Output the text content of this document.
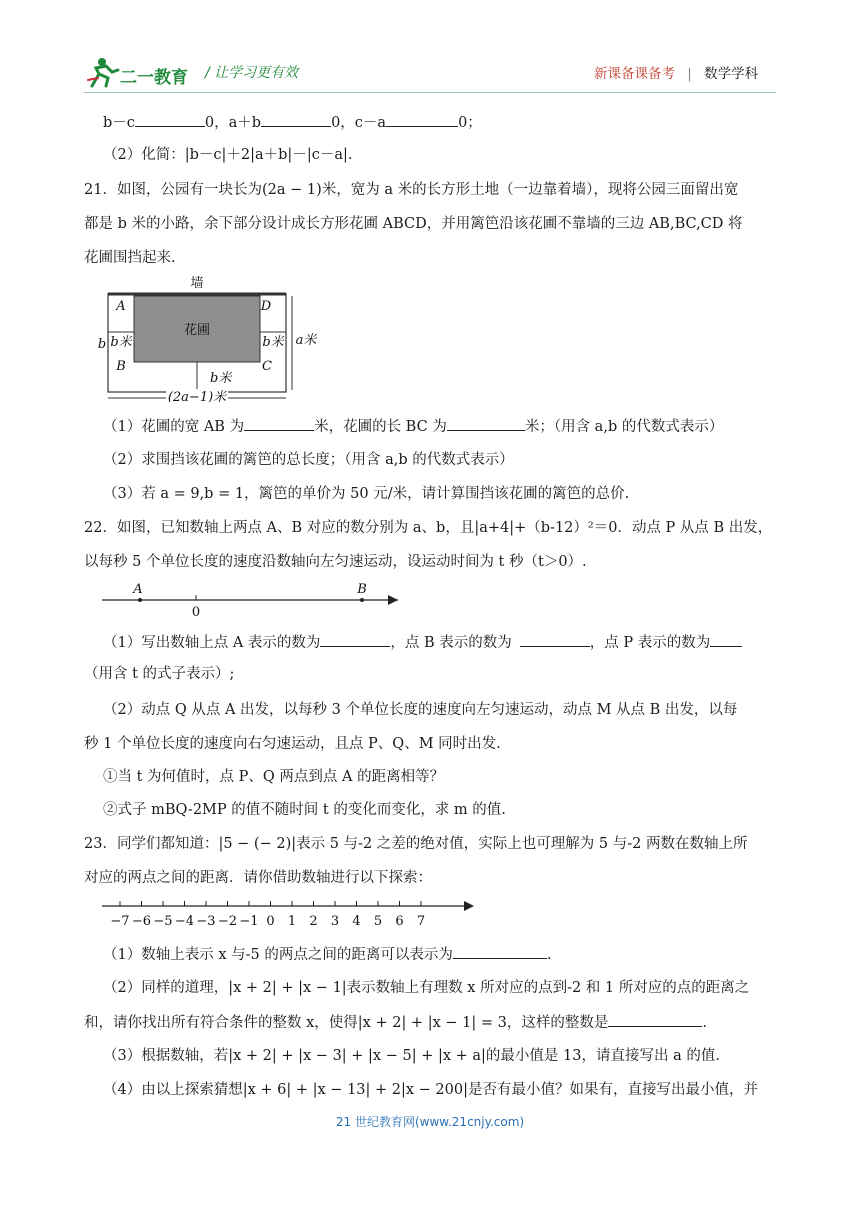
二一教育 / 让学习更有效	新课备课备考 | 数学学科
b－c	0，a＋b	0，c－a	0；
（2）化简：|b－c|＋2|a＋b|－|c－a|.
21．如图，公园有一块长为(2a − 1)米，宽为 a 米的长方形土地（一边靠着墙），现将公园三面留出宽
都是 b 米的小路，余下部分设计成长方形花圃 ABCD，并用篱笆沿该花圃不靠墙的三边 AB,BC,CD 将
花圃围挡起来.
墙
花圃
A
B	C
D
b米	b米
b米
b	a米
(2a−1)米
（1）花圃的宽 AB 为	米，花圃的长 BC 为	米；（用含 a,b 的代数式表示）
（2）求围挡该花圃的篱笆的总长度；（用含 a,b 的代数式表示）
（3）若 a = 9,b = 1，篱笆的单价为 50 元/米，请计算围挡该花圃的篱笆的总价.
22．如图，已知数轴上两点 A、B 对应的数分别为 a、b，且|a+4|+（b-12）²＝0．动点 P 从点 B 出发，
以每秒 5 个单位长度的速度沿数轴向左匀速运动，设运动时间为 t 秒（t＞0）.
A
0
B
（1）写出数轴上点 A 表示的数为	，点 B 表示的数为	，点 P 表示的数为
（用含 t 的式子表示）;
（2）动点 Q 从点 A 出发，以每秒 3 个单位长度的速度向左匀速运动，动点 M 从点 B 出发，以每
秒 1 个单位长度的速度向右匀速运动，且点 P、Q、M 同时出发.
①当 t 为何值时，点 P、Q 两点到点 A 的距离相等？
②式子 mBQ-2MP 的值不随时间 t 的变化而变化，求 m 的值.
23．同学们都知道：|5 − (− 2)|表示 5 与-2 之差的绝对值，实际上也可理解为 5 与-2 两数在数轴上所
对应的两点之间的距离．请你借助数轴进行以下探索：
−7 −6 −5 −4 −3 −2 −1 0 1 2 3 4 5 6 7
（1）数轴上表示 x 与-5 的两点之间的距离可以表示为	.
（2）同样的道理，|x + 2| + |x − 1|表示数轴上有理数 x 所对应的点到-2 和 1 所对应的点的距离之
和，请你找出所有符合条件的整数 x，使得|x + 2| + |x − 1| = 3，这样的整数是	.
（3）根据数轴，若|x + 2| + |x − 3| + |x − 5| + |x + a|的最小值是 13，请直接写出 a 的值.
（4）由以上探索猜想|x + 6| + |x − 13| + 2|x − 200|是否有最小值？如果有，直接写出最小值，并
21 世纪教育网(www.21cnjy.com)
